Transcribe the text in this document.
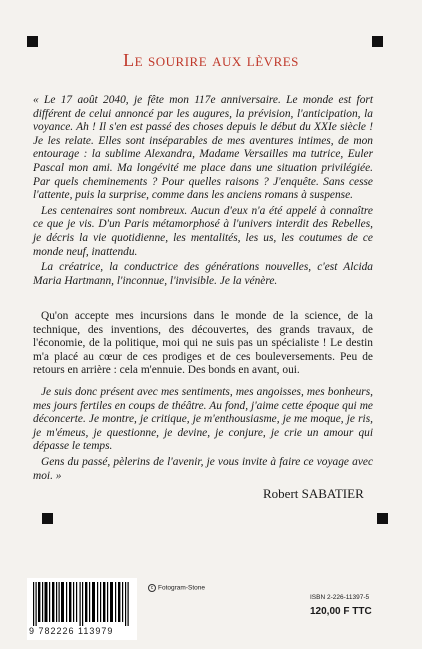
Le sourire aux lèvres

« Le 17 août 2040, je fête mon 117e anniversaire. Le monde est fort différent de celui annoncé par les augures, la prévision, l'anticipation, la voyance. Ah ! Il s'en est passé des choses depuis le début du XXIe siècle ! Je les relate. Elles sont inséparables de mes aventures intimes, de mon entourage : la sublime Alexandra, Madame Versailles ma tutrice, Euler Pascal mon ami. Ma longévité me place dans une situation privilégiée. Par quels cheminements ? Pour quelles raisons ? J'enquête. Sans cesse l'attente, puis la surprise, comme dans les anciens romans à suspense.

Les centenaires sont nombreux. Aucun d'eux n'a été appelé à connaître ce que je vis. D'un Paris métamorphosé à l'univers interdit des Rebelles, je décris la vie quotidienne, les mentalités, les us, les coutumes de ce monde neuf, inattendu.

La créatrice, la conductrice des générations nouvelles, c'est Alcida Maria Hartmann, l'inconnue, l'invisible. Je la vénère.

Qu'on accepte mes incursions dans le monde de la science, de la technique, des inventions, des découvertes, des grands travaux, de l'économie, de la politique, moi qui ne suis pas un spécialiste ! Le destin m'a placé au cœur de ces prodiges et de ces bouleversements. Peu de retours en arrière : cela m'ennuie. Des bonds en avant, oui.

Je suis donc présent avec mes sentiments, mes angoisses, mes bonheurs, mes jours fertiles en coups de théâtre. Au fond, j'aime cette époque qui me déconcerte. Je montre, je critique, je m'enthousiasme, je me moque, je ris, je m'émeus, je questionne, je devine, je conjure, je crie un amour qui dépasse le temps.

Gens du passé, pèlerins de l'avenir, je vous invite à faire ce voyage avec moi. »

Robert SABATIER
9 782226 113979
c Fotogram-Stone
ISBN 2-226-11397-5
120,00 F TTC
